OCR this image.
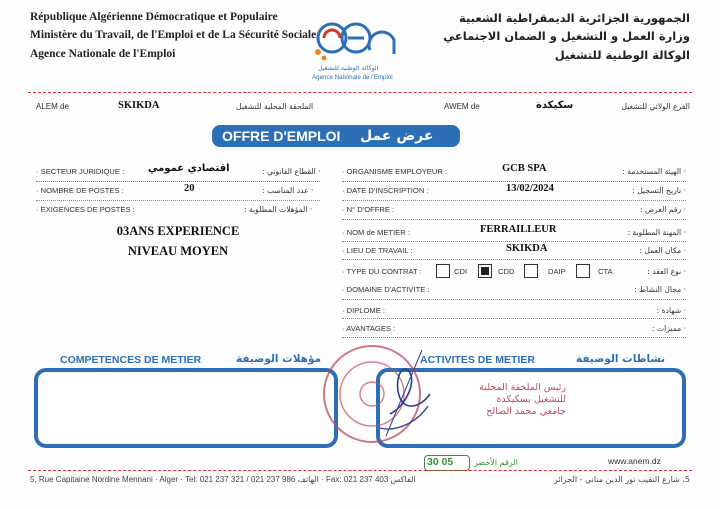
République Algérienne Démocratique et Populaire
Ministère du Travail, de l'Emploi et de La Sécurité Sociale
Agence Nationale de l'Emploi
الجمهورية الجزائرية الديمقراطية الشعبية
وزارة العمل و التشغيل و الضمان الاجتماعي
الوكالة الوطنية للتشغيل
الوكالة الوطنية للتشغيل
Agence Nationale de l'Emploi
ALEM de	SKIKDA	الملحقة المحلية للتشغيل	AWEM de	سكيكدة	الفرع الولائي للتشغيل
OFFRE D'EMPLOI عرض عمل
· SECTEUR JURIDIQUE : اقتصادي عمومي	· القطاع القانوني :
· NOMBRE DE POSTES :	20	· عدد المناصب :
· EXIGENCES DE POSTES :	· المؤهلات المطلوبة :
03ANS EXPERIENCE
NIVEAU MOYEN
· ORGANISME EMPLOYEUR :	GCB SPA	· الهيئة المستخدمة :
· DATE D'INSCRIPTION :	13/02/2024	· تاريخ التسجيل :
· N° D'OFFRE :	· رقم العرض :
· NOM de METIER :	FERRAILLEUR	· المهنة المطلوبة :
· LIEU DE TRAVAIL :	SKIKDA	· مكان العمل :
· TYPE DU CONTRAT :	CDI	CDD	DAIP	CTA	· نوع العقد :
· DOMAINE D'ACTIVITE :	· مجال النشاط :
· DIPLOME :	· شهادة :
· AVANTAGES :	· مميزات :
COMPETENCES DE METIER	مؤهلات الوضيفة	ACTIVITES DE METIER	نشاطات الوضيفة
رئيس الملحقة المحلية
للتشغيل بسكيكدة
جامعي محمد الصالح
30 05	الرقم الأخضر	www.anem.dz
5, Rue Capitaine Nordine Mennani · Alger · Tel: 021 237 321 / 021 237 986 الهاتف · Fax: 021 237 403 الفاكس	5، شارع النقيب نور الدين مناني - الجزائر
